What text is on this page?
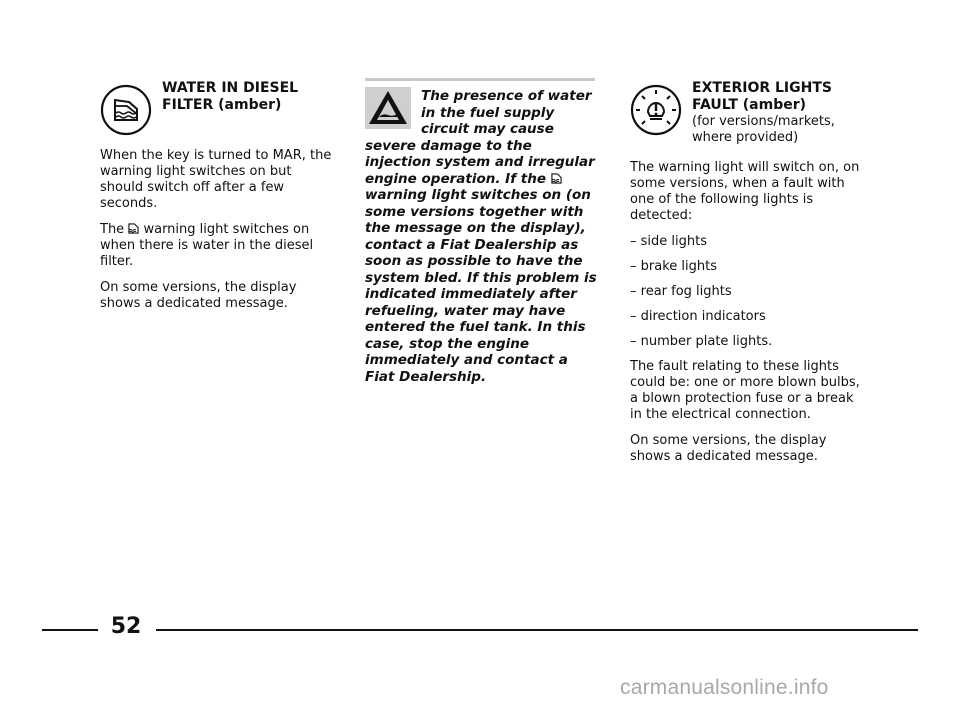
WATER IN DIESEL

FILTER (amber)

When the key is turned to MAR, the warning light switches on but should switch off after a few seconds.

The warning light switches on when there is water in the diesel filter.

On some versions, the display shows a dedicated message.

The presence of water in the fuel supply circuit may cause severe damage to the injection system and irregular engine operation. If the  warning light switches on (on some versions together with the message on the display), contact a Fiat Dealership as soon as possible to have the system bled. If this problem is indicated immediately after refueling, water may have entered the fuel tank. In this case, stop the engine immediately and contact a Fiat Dealership.

EXTERIOR LIGHTS

FAULT (amber)

(for versions/markets,

where provided)

The warning light will switch on, on some versions, when a fault with one of the following lights is detected:

– side lights

– brake lights

– rear fog lights

– direction indicators

– number plate lights.

The fault relating to these lights could be: one or more blown bulbs, a blown protection fuse or a break in the electrical connection.

On some versions, the display shows a dedicated message.

52
carmanualsonline.info
